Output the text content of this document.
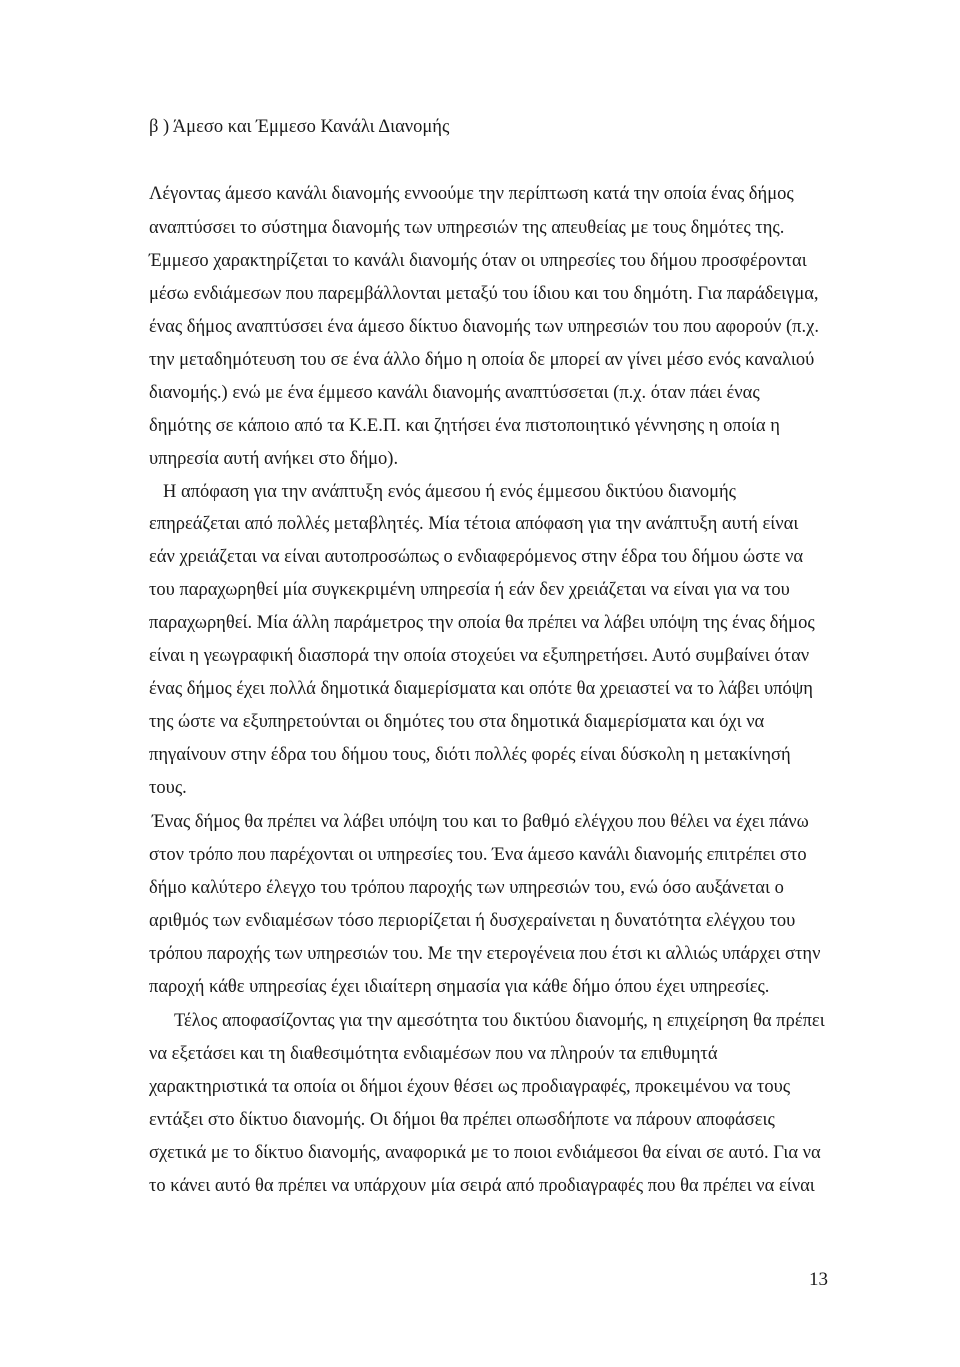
β ) Άμεσο και Έμμεσο Κανάλι Διανομής
Λέγοντας άμεσο κανάλι διανομής εννοούμε την περίπτωση κατά την οποία ένας δήμος
αναπτύσσει το σύστημα διανομής των υπηρεσιών της απευθείας με τους δημότες της.
Έμμεσο χαρακτηρίζεται το κανάλι διανομής όταν οι υπηρεσίες του δήμου προσφέρονται
μέσω ενδιάμεσων που παρεμβάλλονται μεταξύ του ίδιου και του δημότη. Για παράδειγμα,
ένας δήμος αναπτύσσει ένα άμεσο δίκτυο διανομής των υπηρεσιών του που αφορούν (π.χ.
την μεταδημότευση του σε ένα άλλο δήμο η οποία δε μπορεί αν γίνει μέσο ενός καναλιού
διανομής.) ενώ με ένα έμμεσο κανάλι διανομής αναπτύσσεται (π.χ. όταν πάει ένας
δημότης σε κάποιο από τα Κ.Ε.Π. και ζητήσει ένα πιστοποιητικό γέννησης η οποία η
υπηρεσία αυτή ανήκει στο δήμο).
Η απόφαση για την ανάπτυξη ενός άμεσου ή ενός έμμεσου δικτύου διανομής
επηρεάζεται από πολλές μεταβλητές. Μία τέτοια απόφαση για την ανάπτυξη αυτή είναι
εάν χρειάζεται να είναι αυτοπροσώπως ο ενδιαφερόμενος στην έδρα του δήμου ώστε να
του παραχωρηθεί μία συγκεκριμένη υπηρεσία ή εάν δεν χρειάζεται να είναι για να του
παραχωρηθεί. Μία άλλη παράμετρος την οποία θα πρέπει να λάβει υπόψη της ένας δήμος
είναι η γεωγραφική διασπορά την οποία στοχεύει να εξυπηρετήσει. Αυτό συμβαίνει όταν
ένας δήμος έχει πολλά δημοτικά διαμερίσματα και οπότε θα χρειαστεί να το λάβει υπόψη
της ώστε να εξυπηρετούνται οι δημότες του στα δημοτικά διαμερίσματα και όχι να
πηγαίνουν στην έδρα του δήμου τους, διότι πολλές φορές είναι δύσκολη η μετακίνησή
τους.
Ένας δήμος θα πρέπει να λάβει υπόψη του και το βαθμό ελέγχου που θέλει να έχει πάνω
στον τρόπο που παρέχονται οι υπηρεσίες του. Ένα άμεσο κανάλι διανομής επιτρέπει στο
δήμο καλύτερο έλεγχο του τρόπου παροχής των υπηρεσιών του, ενώ όσο αυξάνεται ο
αριθμός των ενδιαμέσων τόσο περιορίζεται ή δυσχεραίνεται η δυνατότητα ελέγχου του
τρόπου παροχής των υπηρεσιών του. Με την ετερογένεια που έτσι κι αλλιώς υπάρχει στην
παροχή κάθε υπηρεσίας έχει ιδιαίτερη σημασία για κάθε δήμο όπου έχει υπηρεσίες.
Τέλος αποφασίζοντας για την αμεσότητα του δικτύου διανομής, η επιχείρηση θα πρέπει
να εξετάσει και τη διαθεσιμότητα ενδιαμέσων που να πληρούν τα επιθυμητά
χαρακτηριστικά τα οποία οι δήμοι έχουν θέσει ως προδιαγραφές, προκειμένου να τους
εντάξει στο δίκτυο διανομής. Οι δήμοι θα πρέπει οπωσδήποτε να πάρουν αποφάσεις
σχετικά με το δίκτυο διανομής, αναφορικά με το ποιοι ενδιάμεσοι θα είναι σε αυτό. Για να
το κάνει αυτό θα πρέπει να υπάρχουν μία σειρά από προδιαγραφές που θα πρέπει να είναι
13
